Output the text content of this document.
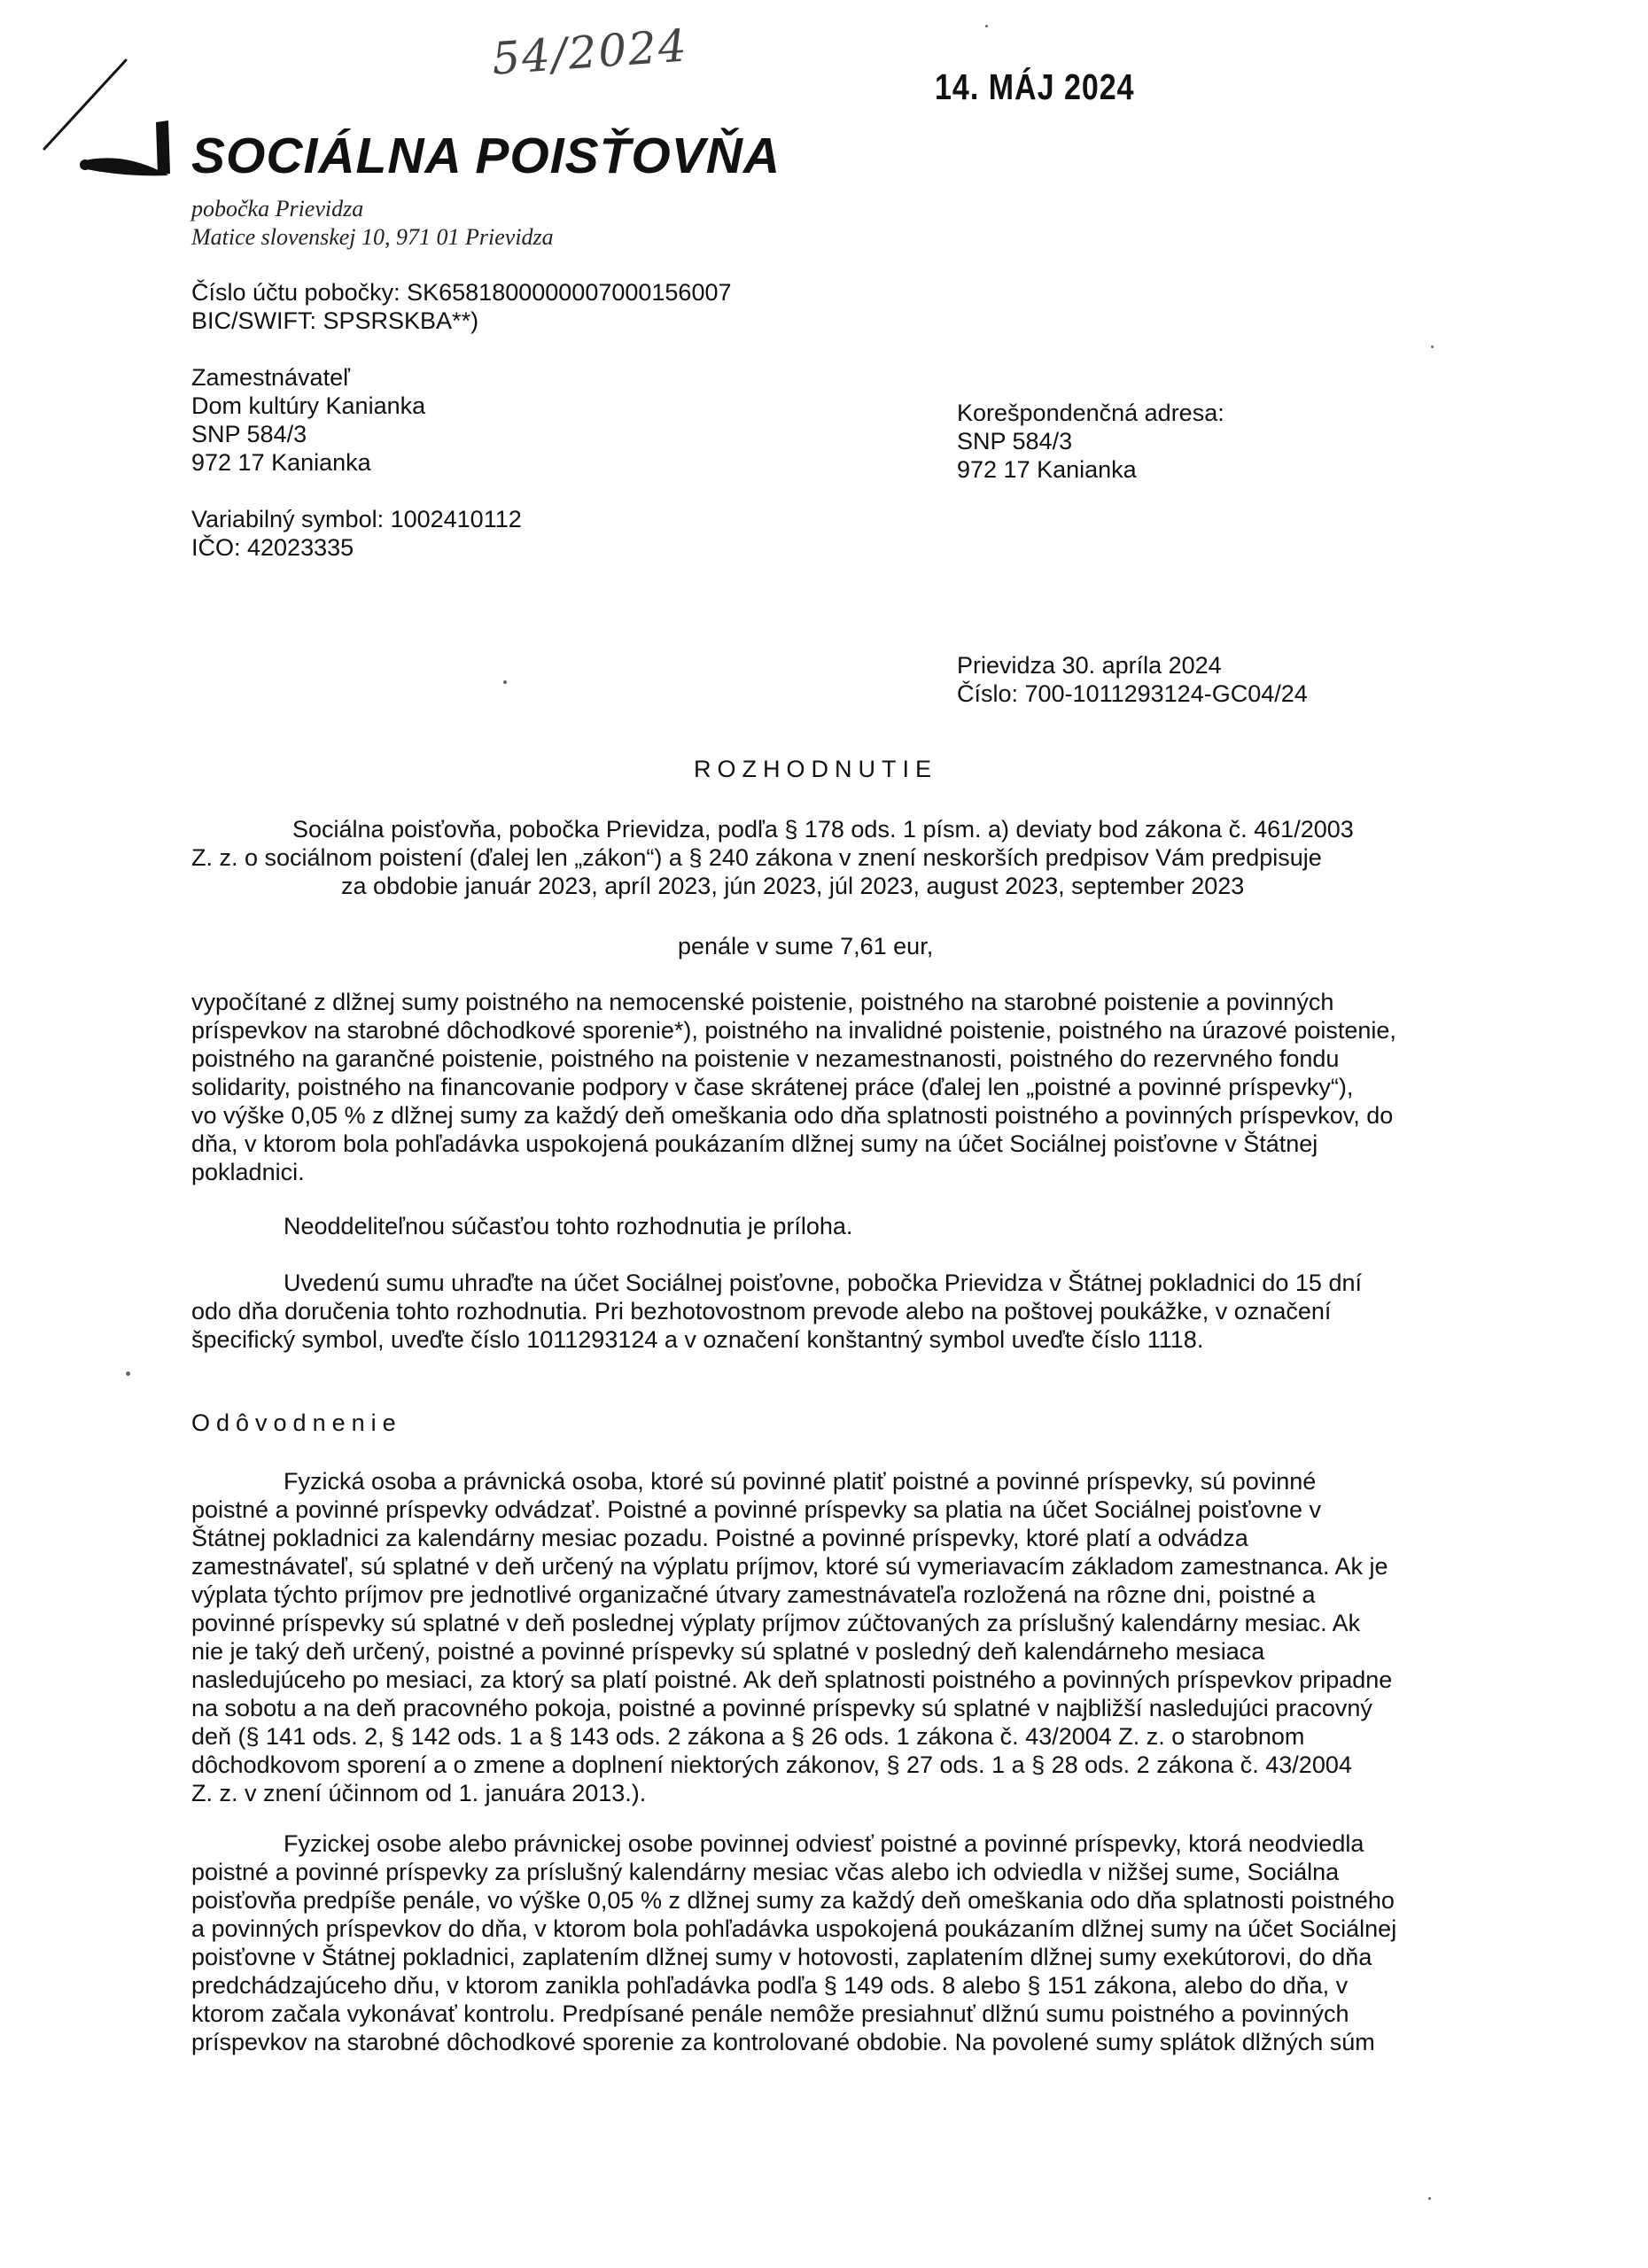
54/2024
14. MÁJ 2024
SOCIÁLNA POISŤOVŇA
pobočka Prievidza
Matice slovenskej 10, 971 01 Prievidza
Číslo účtu pobočky: SK6581800000007000156007
BIC/SWIFT: SPSRSKBA**)
Zamestnávateľ
Dom kultúry Kanianka
SNP 584/3
972 17 Kanianka
Korešpondenčná adresa:
SNP 584/3
972 17 Kanianka
Variabilný symbol: 1002410112
IČO: 42023335
Prievidza 30. apríla 2024
Číslo: 700-1011293124-GC04/24
ROZHODNUTIE
Sociálna poisťovňa, pobočka Prievidza, podľa § 178 ods. 1 písm. a) deviaty bod zákona č. 461/2003
Z. z. o sociálnom poistení (ďalej len „zákon“) a § 240 zákona v znení neskorších predpisov Vám predpisuje
za obdobie január 2023, apríl 2023, jún 2023, júl 2023, august 2023, september 2023
penále v sume 7,61 eur,
vypočítané z dlžnej sumy poistného na nemocenské poistenie, poistného na starobné poistenie a povinných
príspevkov na starobné dôchodkové sporenie*), poistného na invalidné poistenie, poistného na úrazové poistenie,
poistného na garančné poistenie, poistného na poistenie v nezamestnanosti, poistného do rezervného fondu
solidarity, poistného na financovanie podpory v čase skrátenej práce (ďalej len „poistné a povinné príspevky“),
vo výške 0,05 % z dlžnej sumy za každý deň omeškania odo dňa splatnosti poistného a povinných príspevkov, do
dňa, v ktorom bola pohľadávka uspokojená poukázaním dlžnej sumy na účet Sociálnej poisťovne v Štátnej
pokladnici.
Neoddeliteľnou súčasťou tohto rozhodnutia je príloha.
Uvedenú sumu uhraďte na účet Sociálnej poisťovne, pobočka Prievidza v Štátnej pokladnici do 15 dní
odo dňa doručenia tohto rozhodnutia. Pri bezhotovostnom prevode alebo na poštovej poukážke, v označení
špecifický symbol, uveďte číslo 1011293124 a v označení konštantný symbol uveďte číslo 1118.
Odôvodnenie
Fyzická osoba a právnická osoba, ktoré sú povinné platiť poistné a povinné príspevky, sú povinné
poistné a povinné príspevky odvádzať. Poistné a povinné príspevky sa platia na účet Sociálnej poisťovne v
Štátnej pokladnici za kalendárny mesiac pozadu. Poistné a povinné príspevky, ktoré platí a odvádza
zamestnávateľ, sú splatné v deň určený na výplatu príjmov, ktoré sú vymeriavacím základom zamestnanca. Ak je
výplata týchto príjmov pre jednotlivé organizačné útvary zamestnávateľa rozložená na rôzne dni, poistné a
povinné príspevky sú splatné v deň poslednej výplaty príjmov zúčtovaných za príslušný kalendárny mesiac. Ak
nie je taký deň určený, poistné a povinné príspevky sú splatné v posledný deň kalendárneho mesiaca
nasledujúceho po mesiaci, za ktorý sa platí poistné. Ak deň splatnosti poistného a povinných príspevkov pripadne
na sobotu a na deň pracovného pokoja, poistné a povinné príspevky sú splatné v najbližší nasledujúci pracovný
deň (§ 141 ods. 2, § 142 ods. 1 a § 143 ods. 2 zákona a § 26 ods. 1 zákona č. 43/2004 Z. z. o starobnom
dôchodkovom sporení a o zmene a doplnení niektorých zákonov, § 27 ods. 1 a § 28 ods. 2 zákona č. 43/2004
Z. z. v znení účinnom od 1. januára 2013.).
Fyzickej osobe alebo právnickej osobe povinnej odviesť poistné a povinné príspevky, ktorá neodviedla
poistné a povinné príspevky za príslušný kalendárny mesiac včas alebo ich odviedla v nižšej sume, Sociálna
poisťovňa predpíše penále, vo výške 0,05 % z dlžnej sumy za každý deň omeškania odo dňa splatnosti poistného
a povinných príspevkov do dňa, v ktorom bola pohľadávka uspokojená poukázaním dlžnej sumy na účet Sociálnej
poisťovne v Štátnej pokladnici, zaplatením dlžnej sumy v hotovosti, zaplatením dlžnej sumy exekútorovi, do dňa
predchádzajúceho dňu, v ktorom zanikla pohľadávka podľa § 149 ods. 8 alebo § 151 zákona, alebo do dňa, v
ktorom začala vykonávať kontrolu. Predpísané penále nemôže presiahnuť dlžnú sumu poistného a povinných
príspevkov na starobné dôchodkové sporenie za kontrolované obdobie. Na povolené sumy splátok dlžných súm
